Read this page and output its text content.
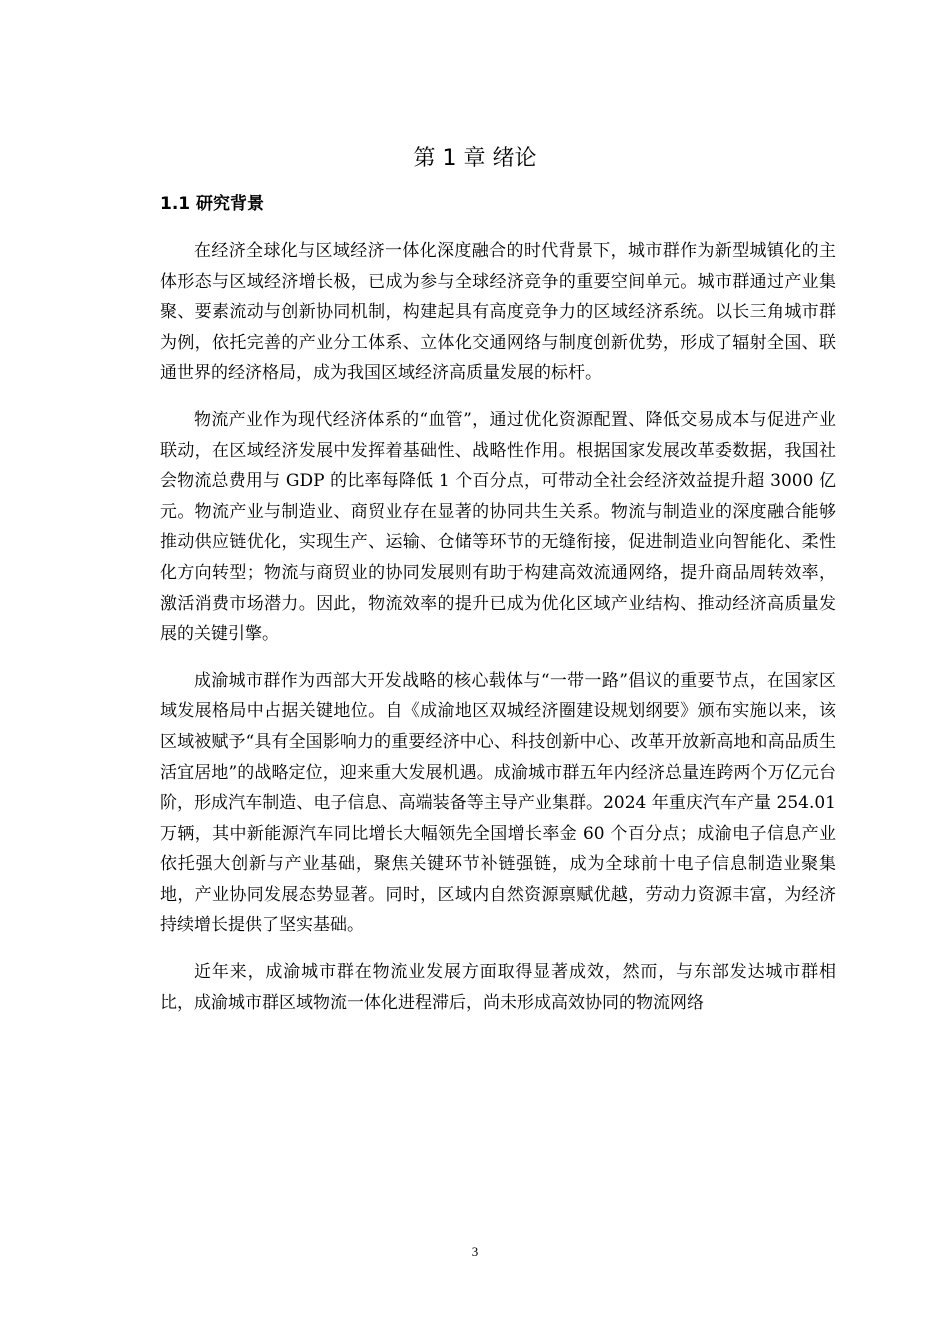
第 1 章 绪论
1.1 研究背景

在经济全球化与区域经济一体化深度融合的时代背景下，城市群作为新型城镇化的主体形态与区域经济增长极，已成为参与全球经济竞争的重要空间单元。城市群通过产业集聚、要素流动与创新协同机制，构建起具有高度竞争力的区域经济系统。以长三角城市群为例，依托完善的产业分工体系、立体化交通网络与制度创新优势，形成了辐射全国、联通世界的经济格局，成为我国区域经济高质量发展的标杆。

物流产业作为现代经济体系的“血管”，通过优化资源配置、降低交易成本与促进产业联动，在区域经济发展中发挥着基础性、战略性作用。根据国家发展改革委数据，我国社会物流总费用与 GDP 的比率每降低 1 个百分点，可带动全社会经济效益提升超 3000 亿元。物流产业与制造业、商贸业存在显著的协同共生关系。物流与制造业的深度融合能够推动供应链优化，实现生产、运输、仓储等环节的无缝衔接，促进制造业向智能化、柔性化方向转型；物流与商贸业的协同发展则有助于构建高效流通网络，提升商品周转效率，激活消费市场潜力。因此，物流效率的提升已成为优化区域产业结构、推动经济高质量发展的关键引擎。

成渝城市群作为西部大开发战略的核心载体与“一带一路”倡议的重要节点，在国家区域发展格局中占据关键地位。自《成渝地区双城经济圈建设规划纲要》颁布实施以来，该区域被赋予“具有全国影响力的重要经济中心、科技创新中心、改革开放新高地和高品质生活宜居地”的战略定位，迎来重大发展机遇。成渝城市群五年内经济总量连跨两个万亿元台阶，形成汽车制造、电子信息、高端装备等主导产业集群。2024 年重庆汽车产量 254.01 万辆，其中新能源汽车同比增长大幅领先全国增长率金 60 个百分点；成渝电子信息产业依托强大创新与产业基础，聚焦关键环节补链强链，成为全球前十电子信息制造业聚集地，产业协同发展态势显著。同时，区域内自然资源禀赋优越，劳动力资源丰富，为经济持续增长提供了坚实基础。

近年来，成渝城市群在物流业发展方面取得显著成效，然而，与东部发达城市群相比，成渝城市群区域物流一体化进程滞后，尚未形成高效协同的物流网络

3
